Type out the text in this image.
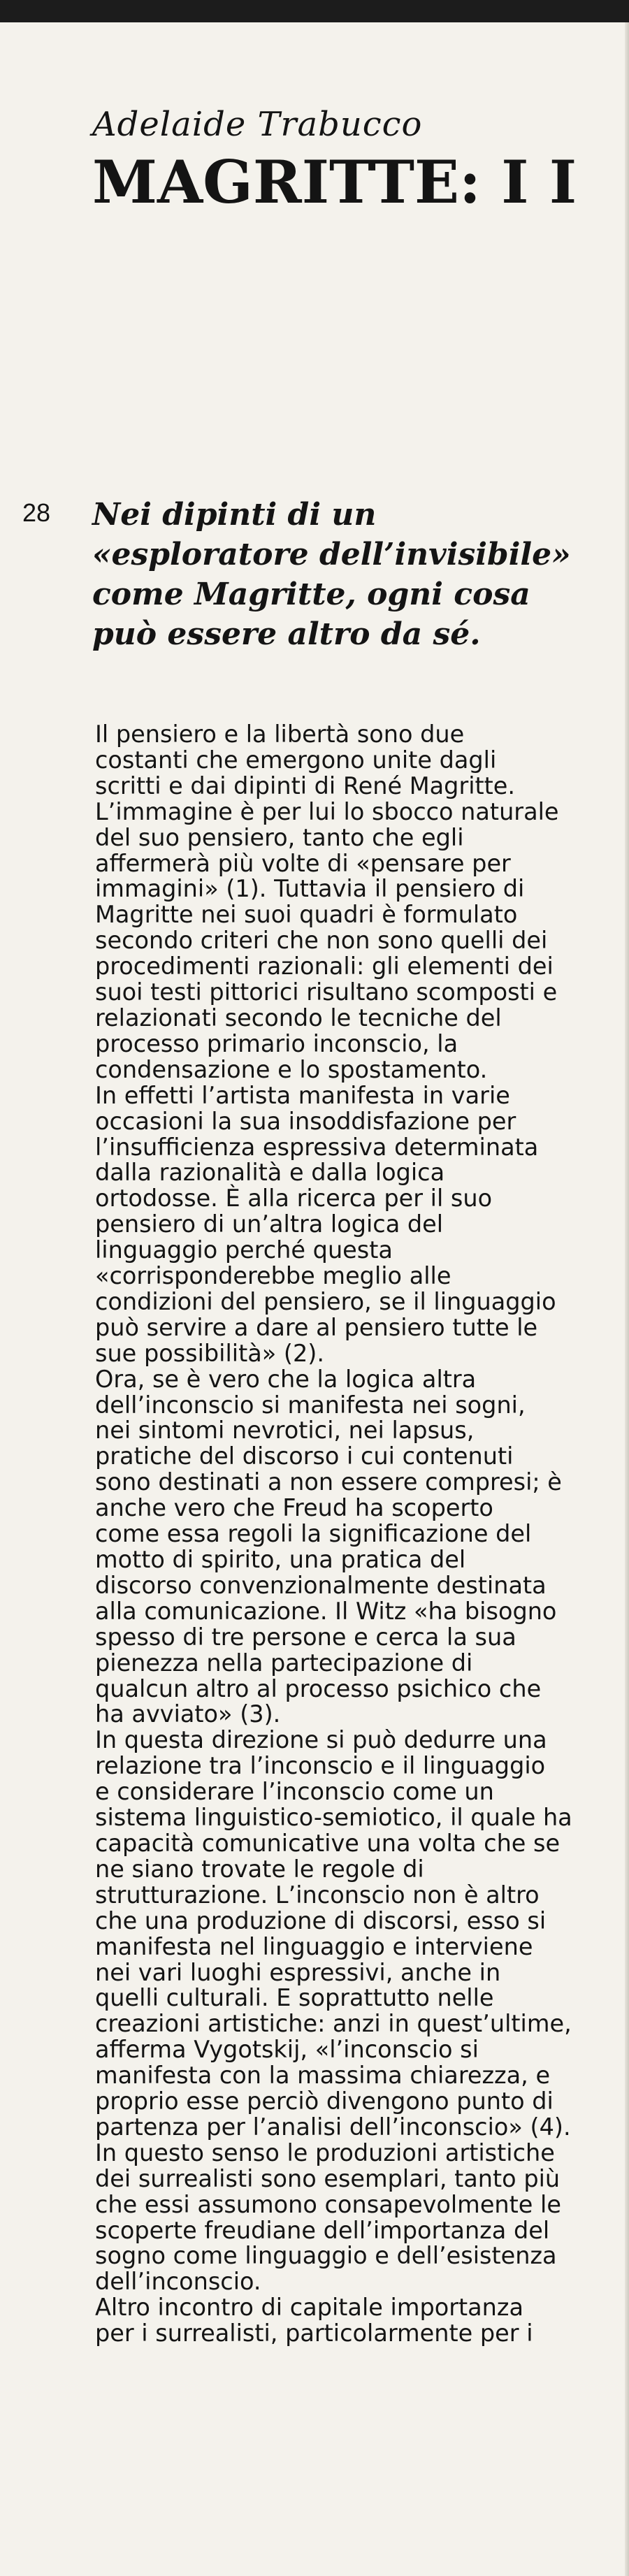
Adelaide Trabucco
MAGRITTE: I I
28 Nei dipinti di un
«esploratore dell’invisibile»
come Magritte, ogni cosa
può essere altro da sé.

Il pensiero e la libertà sono due
costanti che emergono unite dagli
scritti e dai dipinti di René Magritte.
L’immagine è per lui lo sbocco naturale
del suo pensiero, tanto che egli
affermerà più volte di «pensare per
immagini» (1). Tuttavia il pensiero di
Magritte nei suoi quadri è formulato
secondo criteri che non sono quelli dei
procedimenti razionali: gli elementi dei
suoi testi pittorici risultano scomposti e
relazionati secondo le tecniche del
processo primario inconscio, la
condensazione e lo spostamento.
In effetti l’artista manifesta in varie
occasioni la sua insoddisfazione per
l’insufficienza espressiva determinata
dalla razionalità e dalla logica
ortodosse. È alla ricerca per il suo
pensiero di un’altra logica del
linguaggio perché questa
«corrisponderebbe meglio alle
condizioni del pensiero, se il linguaggio
può servire a dare al pensiero tutte le
sue possibilità» (2).
Ora, se è vero che la logica altra
dell’inconscio si manifesta nei sogni,
nei sintomi nevrotici, nei lapsus,
pratiche del discorso i cui contenuti
sono destinati a non essere compresi; è
anche vero che Freud ha scoperto
come essa regoli la significazione del
motto di spirito, una pratica del
discorso convenzionalmente destinata
alla comunicazione. Il Witz «ha bisogno
spesso di tre persone e cerca la sua
pienezza nella partecipazione di
qualcun altro al processo psichico che
ha avviato» (3).
In questa direzione si può dedurre una
relazione tra l’inconscio e il linguaggio
e considerare l’inconscio come un
sistema linguistico-semiotico, il quale ha
capacità comunicative una volta che se
ne siano trovate le regole di
strutturazione. L’inconscio non è altro
che una produzione di discorsi, esso si
manifesta nel linguaggio e interviene
nei vari luoghi espressivi, anche in
quelli culturali. E soprattutto nelle
creazioni artistiche: anzi in quest’ultime,
afferma Vygotskij, «l’inconscio si
manifesta con la massima chiarezza, e
proprio esse perciò divengono punto di
partenza per l’analisi dell’inconscio» (4).
In questo senso le produzioni artistiche
dei surrealisti sono esemplari, tanto più
che essi assumono consapevolmente le
scoperte freudiane dell’importanza del
sogno come linguaggio e dell’esistenza
dell’inconscio.
Altro incontro di capitale importanza
per i surrealisti, particolarmente per i
